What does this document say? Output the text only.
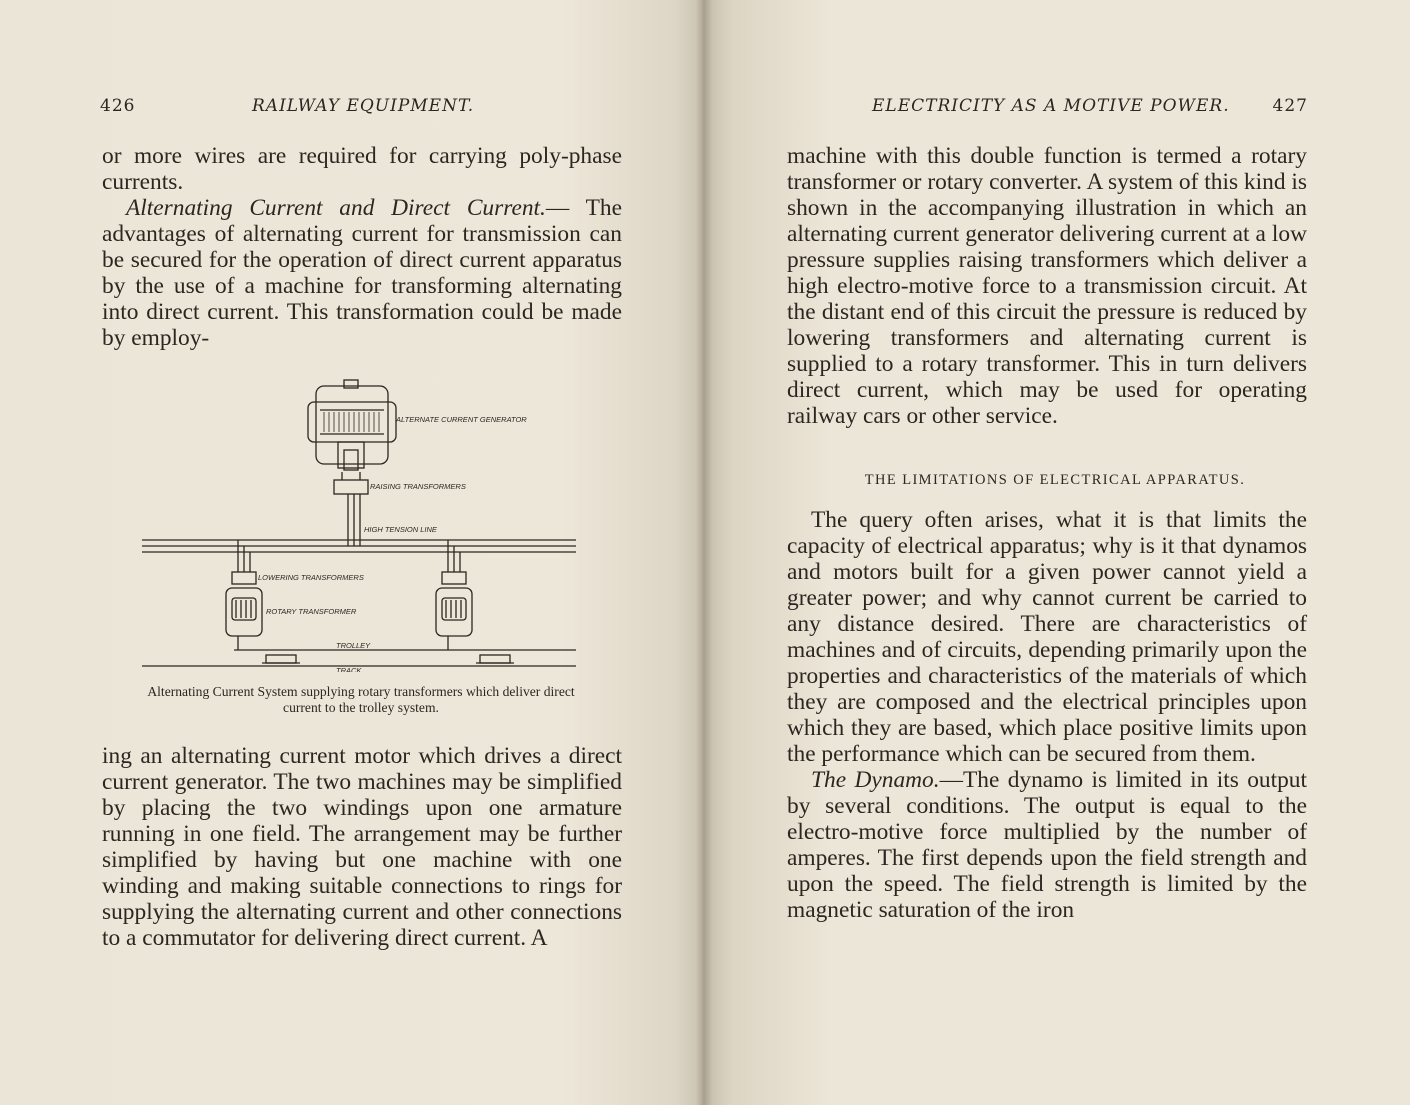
426	RAILWAY EQUIPMENT.	ELECTRICITY AS A MOTIVE POWER.	427

or more wires are required for carrying poly-phase currents.

Alternating Current and Direct Current.— The advantages of alternating current for transmission can be secured for the operation of direct current apparatus by the use of a machine for transforming alternating into direct current. This transformation could be made by employ-

ALTERNATE CURRENT GENERATOR
RAISING TRANSFORMERS
HIGH TENSION LINE
LOWERING TRANSFORMERS
ROTARY TRANSFORMER
TROLLEY
TRACK
Alternating Current System supplying rotary transformers which deliver direct current to the trolley system.

ing an alternating current motor which drives a direct current generator. The two machines may be simplified by placing the two windings upon one armature running in one field. The arrangement may be further simplified by having but one machine with one winding and making suitable connections to rings for supplying the alternating current and other connections to a commutator for delivering direct current. A

machine with this double function is termed a rotary transformer or rotary converter. A system of this kind is shown in the accompanying illustration in which an alternating current generator delivering current at a low pressure supplies raising transformers which deliver a high electro-motive force to a transmission circuit. At the distant end of this circuit the pressure is reduced by lowering transformers and alternating current is supplied to a rotary transformer. This in turn delivers direct current, which may be used for operating railway cars or other service.

THE LIMITATIONS OF ELECTRICAL APPARATUS.

The query often arises, what it is that limits the capacity of electrical apparatus; why is it that dynamos and motors built for a given power cannot yield a greater power; and why cannot current be carried to any distance desired. There are characteristics of machines and of circuits, depending primarily upon the properties and characteristics of the materials of which they are composed and the electrical principles upon which they are based, which place positive limits upon the performance which can be secured from them.

The Dynamo.—The dynamo is limited in its output by several conditions. The output is equal to the electro-motive force multiplied by the number of amperes. The first depends upon the field strength and upon the speed. The field strength is limited by the magnetic saturation of the iron
